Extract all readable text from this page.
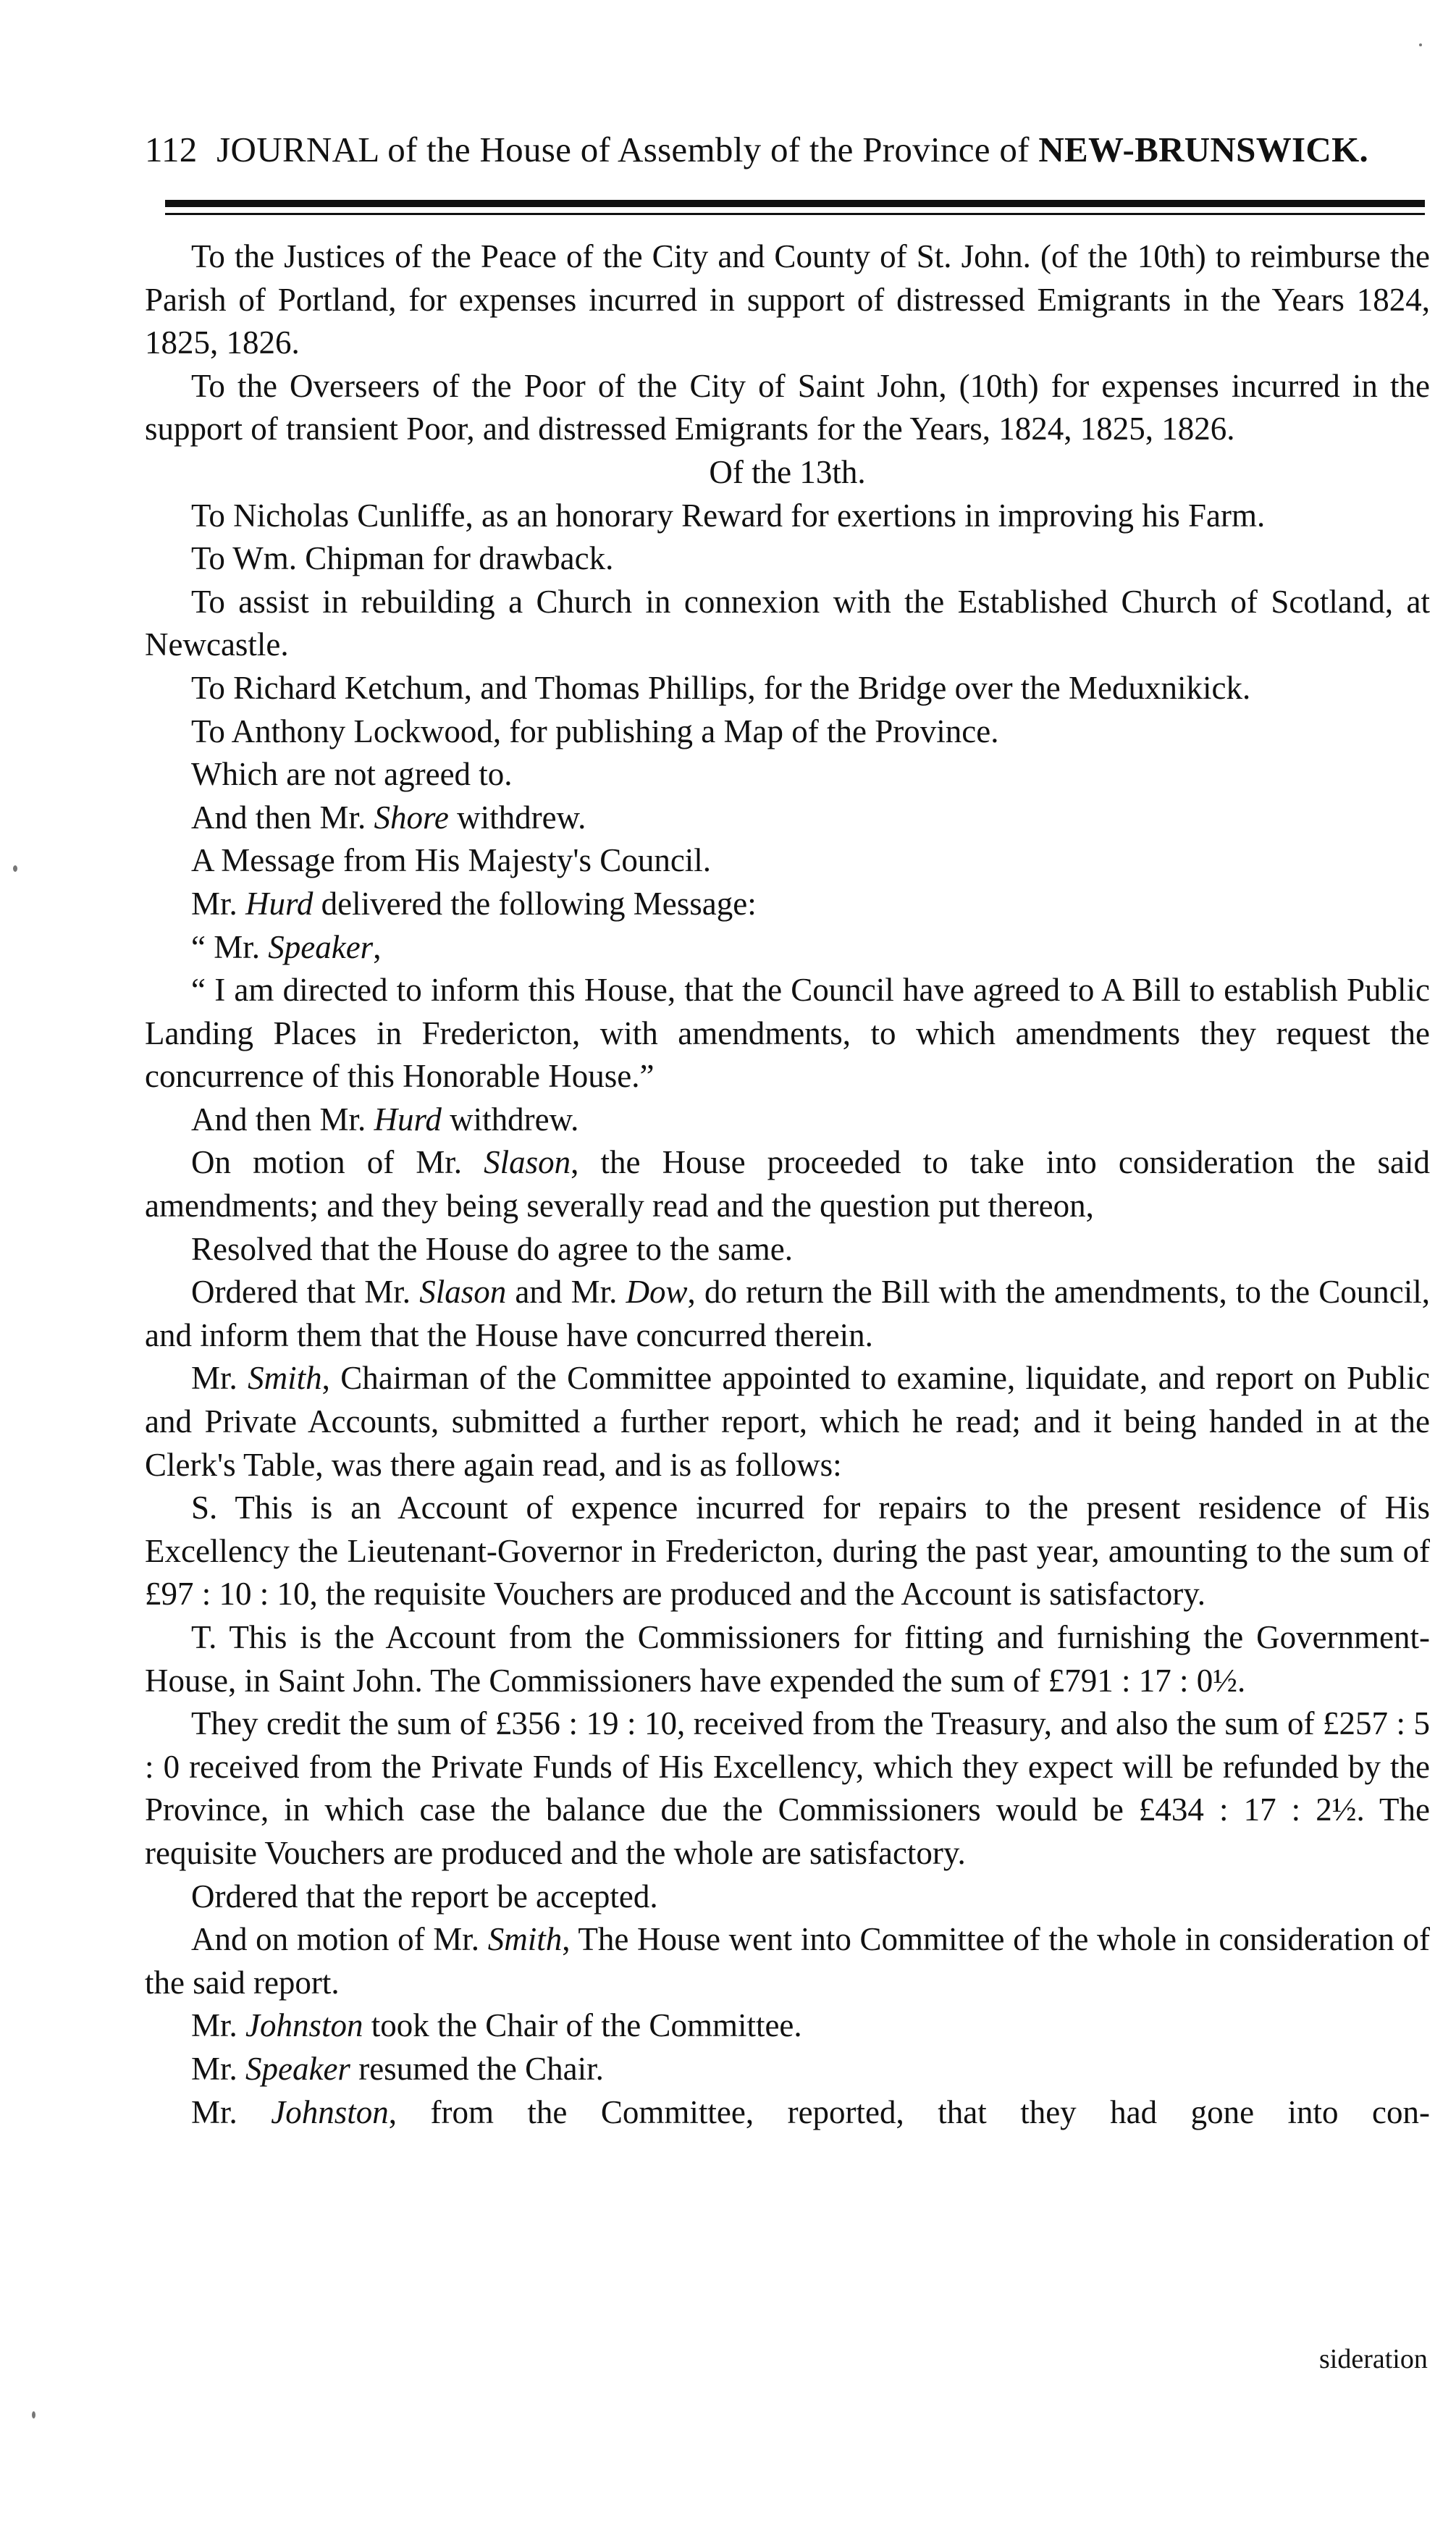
112 JOURNAL of the House of Assembly of the Province of NEW-BRUNSWICK.

To the Justices of the Peace of the City and County of St. John. (of the 10th) to reimburse the Parish of Portland, for expenses incurred in support of distressed Emigrants in the Years 1824, 1825, 1826.

To the Overseers of the Poor of the City of Saint John, (10th) for expenses incurred in the support of transient Poor, and distressed Emigrants for the Years, 1824, 1825, 1826.

Of the 13th.

To Nicholas Cunliffe, as an honorary Reward for exertions in improving his Farm.

To Wm. Chipman for drawback.

To assist in rebuilding a Church in connexion with the Established Church of Scotland, at Newcastle.

To Richard Ketchum, and Thomas Phillips, for the Bridge over the Meduxnikick.

To Anthony Lockwood, for publishing a Map of the Province.

Which are not agreed to.

And then Mr. Shore withdrew.

A Message from His Majesty's Council.

Mr. Hurd delivered the following Message:

“ Mr. Speaker,

“ I am directed to inform this House, that the Council have agreed to A Bill to establish Public Landing Places in Fredericton, with amendments, to which amendments they request the concurrence of this Honorable House.”

And then Mr. Hurd withdrew.

On motion of Mr. Slason, the House proceeded to take into consideration the said amendments; and they being severally read and the question put thereon,

Resolved that the House do agree to the same.

Ordered that Mr. Slason and Mr. Dow, do return the Bill with the amendments, to the Council, and inform them that the House have concurred therein.

Mr. Smith, Chairman of the Committee appointed to examine, liquidate, and report on Public and Private Accounts, submitted a further report, which he read; and it being handed in at the Clerk's Table, was there again read, and is as follows:

S. This is an Account of expence incurred for repairs to the present residence of His Excellency the Lieutenant-Governor in Fredericton, during the past year, amounting to the sum of £97 : 10 : 10, the requisite Vouchers are produced and the Account is satisfactory.

T. This is the Account from the Commissioners for fitting and furnishing the Government-House, in Saint John. The Commissioners have expended the sum of £791 : 17 : 0½.

They credit the sum of £356 : 19 : 10, received from the Treasury, and also the sum of £257 : 5 : 0 received from the Private Funds of His Excellency, which they expect will be refunded by the Province, in which case the balance due the Commissioners would be £434 : 17 : 2½. The requisite Vouchers are produced and the whole are satisfactory.

Ordered that the report be accepted.

And on motion of Mr. Smith, The House went into Committee of the whole in consideration of the said report.

Mr. Johnston took the Chair of the Committee.

Mr. Speaker resumed the Chair.

Mr. Johnston, from the Committee, reported, that they had gone into con-

sideration
